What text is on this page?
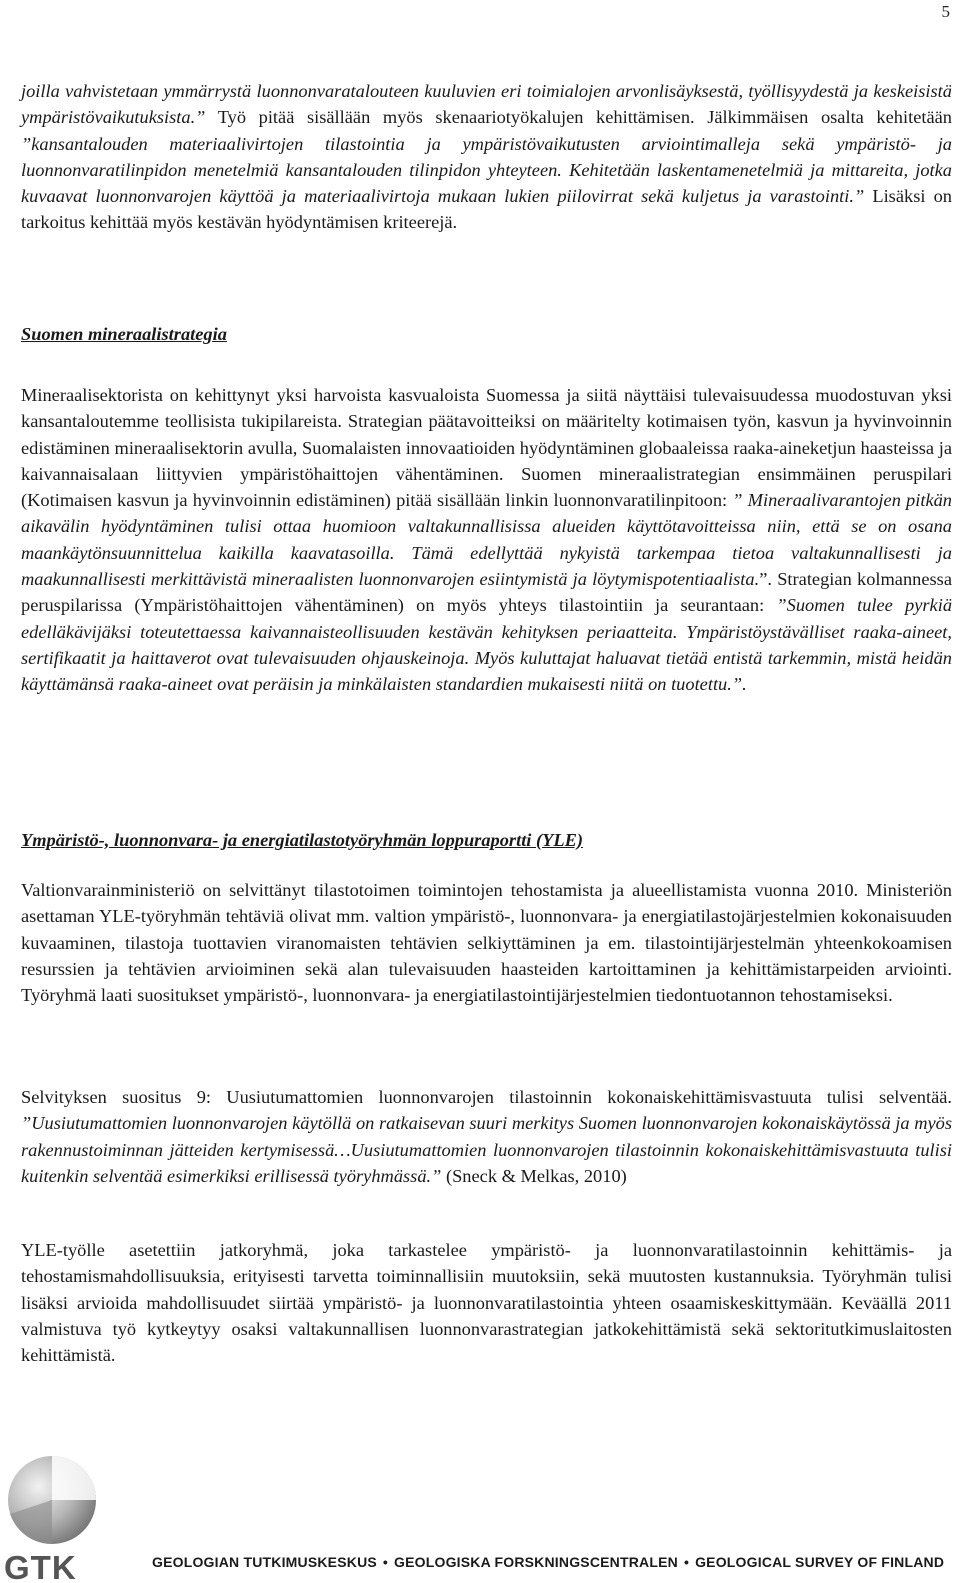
5

joilla vahvistetaan ymmärrystä luonnonvaratalouteen kuuluvien eri toimialojen arvonlisäyksestä, työllisyydestä ja keskeisistä ympäristövaikutuksista.” Työ pitää sisällään myös skenaariotyökalujen kehittämisen. Jälkimmäisen osalta kehitetään ”kansantalouden materiaalivirtojen tilastointia ja ympäristövaikutusten arviointimalleja sekä ympäristö- ja luonnonvaratilinpidon menetelmiä kansantalouden tilinpidon yhteyteen. Kehitetään laskentamenetelmiä ja mittareita, jotka kuvaavat luonnonvarojen käyttöä ja materiaalivirtoja mukaan lukien piilovirrat sekä kuljetus ja varastointi.” Lisäksi on tarkoitus kehittää myös kestävän hyödyntämisen kriteerejä.

Suomen mineraalistrategia

Mineraalisektorista on kehittynyt yksi harvoista kasvualoista Suomessa ja siitä näyttäisi tulevaisuudessa muodostuvan yksi kansantaloutemme teollisista tukipilareista. Strategian päätavoitteiksi on määritelty kotimaisen työn, kasvun ja hyvinvoinnin edistäminen mineraalisektorin avulla, Suomalaisten innovaatioiden hyödyntäminen globaaleissa raaka-aineketjun haasteissa ja kaivannaisalaan liittyvien ympäristöhaittojen vähentäminen. Suomen mineraalistrategian ensimmäinen peruspilari (Kotimaisen kasvun ja hyvinvoinnin edistäminen) pitää sisällään linkin luonnonvaratilinpitoon: ” Mineraalivarantojen pitkän aikavälin hyödyntäminen tulisi ottaa huomioon valtakunnallisissa alueiden käyttötavoitteissa niin, että se on osana maankäytönsuunnittelua kaikilla kaavatasoilla. Tämä edellyttää nykyistä tarkempaa tietoa valtakunnallisesti ja maakunnallisesti merkittävistä mineraalisten luonnonvarojen esiintymistä ja löytymispotentiaalista.”. Strategian kolmannessa peruspilarissa (Ympäristöhaittojen vähentäminen) on myös yhteys tilastointiin ja seurantaan: ”Suomen tulee pyrkiä edelläkävijäksi toteutettaessa kaivannaisteollisuuden kestävän kehityksen periaatteita. Ympäristöystävälliset raaka-aineet, sertifikaatit ja haittaverot ovat tulevaisuuden ohjauskeinoja. Myös kuluttajat haluavat tietää entistä tarkemmin, mistä heidän käyttämänsä raaka-aineet ovat peräisin ja minkälaisten standardien mukaisesti niitä on tuotettu.”.

Ympäristö-, luonnonvara- ja energiatilastotyöryhmän loppuraportti (YLE)

Valtionvarainministeriö on selvittänyt tilastotoimen toimintojen tehostamista ja alueellistamista vuonna 2010. Ministeriön asettaman YLE-työryhmän tehtäviä olivat mm. valtion ympäristö-, luonnonvara- ja energiatilastojärjestelmien kokonaisuuden kuvaaminen, tilastoja tuottavien viranomaisten tehtävien selkiyttäminen ja em. tilastointijärjestelmän yhteenkokoamisen resurssien ja tehtävien arvioiminen sekä alan tulevaisuuden haasteiden kartoittaminen ja kehittämistarpeiden arviointi. Työryhmä laati suositukset ympäristö-, luonnonvara- ja energiatilastointijärjestelmien tiedontuotannon tehostamiseksi.

Selvityksen suositus 9: Uusiutumattomien luonnonvarojen tilastoinnin kokonaiskehittämisvastuuta tulisi selventää. ”Uusiutumattomien luonnonvarojen käytöllä on ratkaisevan suuri merkitys Suomen luonnonvarojen kokonaiskäytössä ja myös rakennustoiminnan jätteiden kertymisessä…Uusiutumattomien luonnonvarojen tilastoinnin kokonaiskehittämisvastuuta tulisi kuitenkin selventää esimerkiksi erillisessä työryhmässä.” (Sneck & Melkas, 2010)

YLE-työlle asetettiin jatkoryhmä, joka tarkastelee ympäristö- ja luonnonvaratilastoinnin kehittämis- ja tehostamismahdollisuuksia, erityisesti tarvetta toiminnallisiin muutoksiin, sekä muutosten kustannuksia. Työryhmän tulisi lisäksi arvioida mahdollisuudet siirtää ympäristö- ja luonnonvaratilastointia yhteen osaamiskeskittymään. Keväällä 2011 valmistuva työ kytkeytyy osaksi valtakunnallisen luonnonvarastrategian jatkokehittämistä sekä sektoritutkimuslaitosten kehittämistä.

GTK	GEOLOGIAN TUTKIMUSKESKUS • GEOLOGISKA FORSKNINGSCENTRALEN • GEOLOGICAL SURVEY OF FINLAND
